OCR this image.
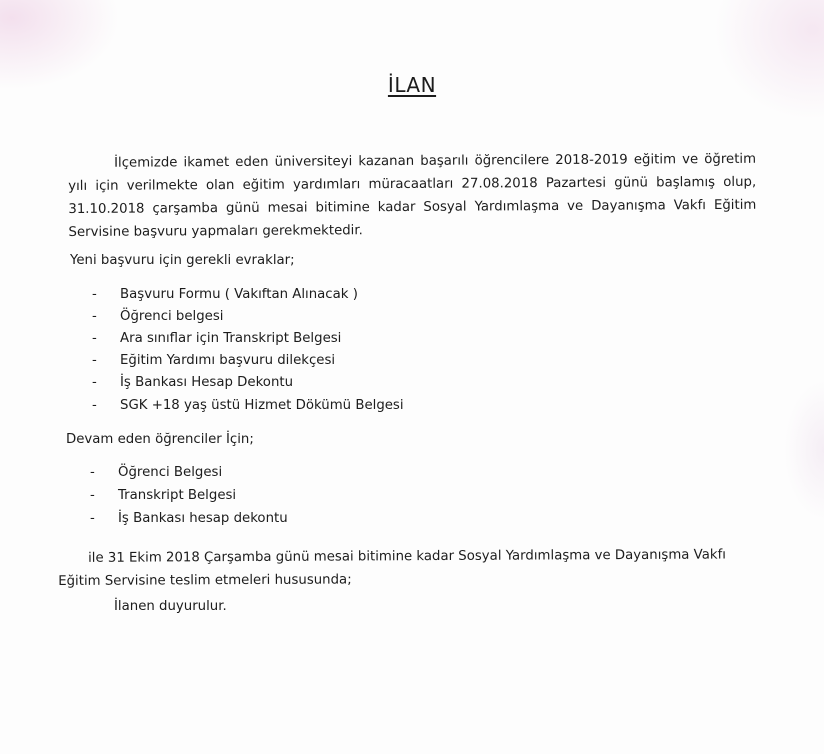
İLAN
İlçemizde ikamet eden üniversiteyi kazanan başarılı öğrencilere 2018-2019 eğitim ve öğretim yılı için verilmekte olan eğitim yardımları müracaatları 27.08.2018 Pazartesi günü başlamış olup, 31.10.2018 çarşamba günü mesai bitimine kadar Sosyal Yardımlaşma ve Dayanışma Vakfı Eğitim Servisine başvuru yapmaları gerekmektedir.
Yeni başvuru için gerekli evraklar;
- Başvuru Formu ( Vakıftan Alınacak )
- Öğrenci belgesi
- Ara sınıflar için Transkript Belgesi
- Eğitim Yardımı başvuru dilekçesi
- İş Bankası Hesap Dekontu
- SGK +18 yaş üstü Hizmet Dökümü Belgesi
Devam eden öğrenciler İçin;
- Öğrenci Belgesi
- Transkript Belgesi
- İş Bankası hesap dekontu
ile 31 Ekim 2018 Çarşamba günü mesai bitimine kadar Sosyal Yardımlaşma ve Dayanışma Vakfı Eğitim Servisine teslim etmeleri hususunda;
İlanen duyurulur.
